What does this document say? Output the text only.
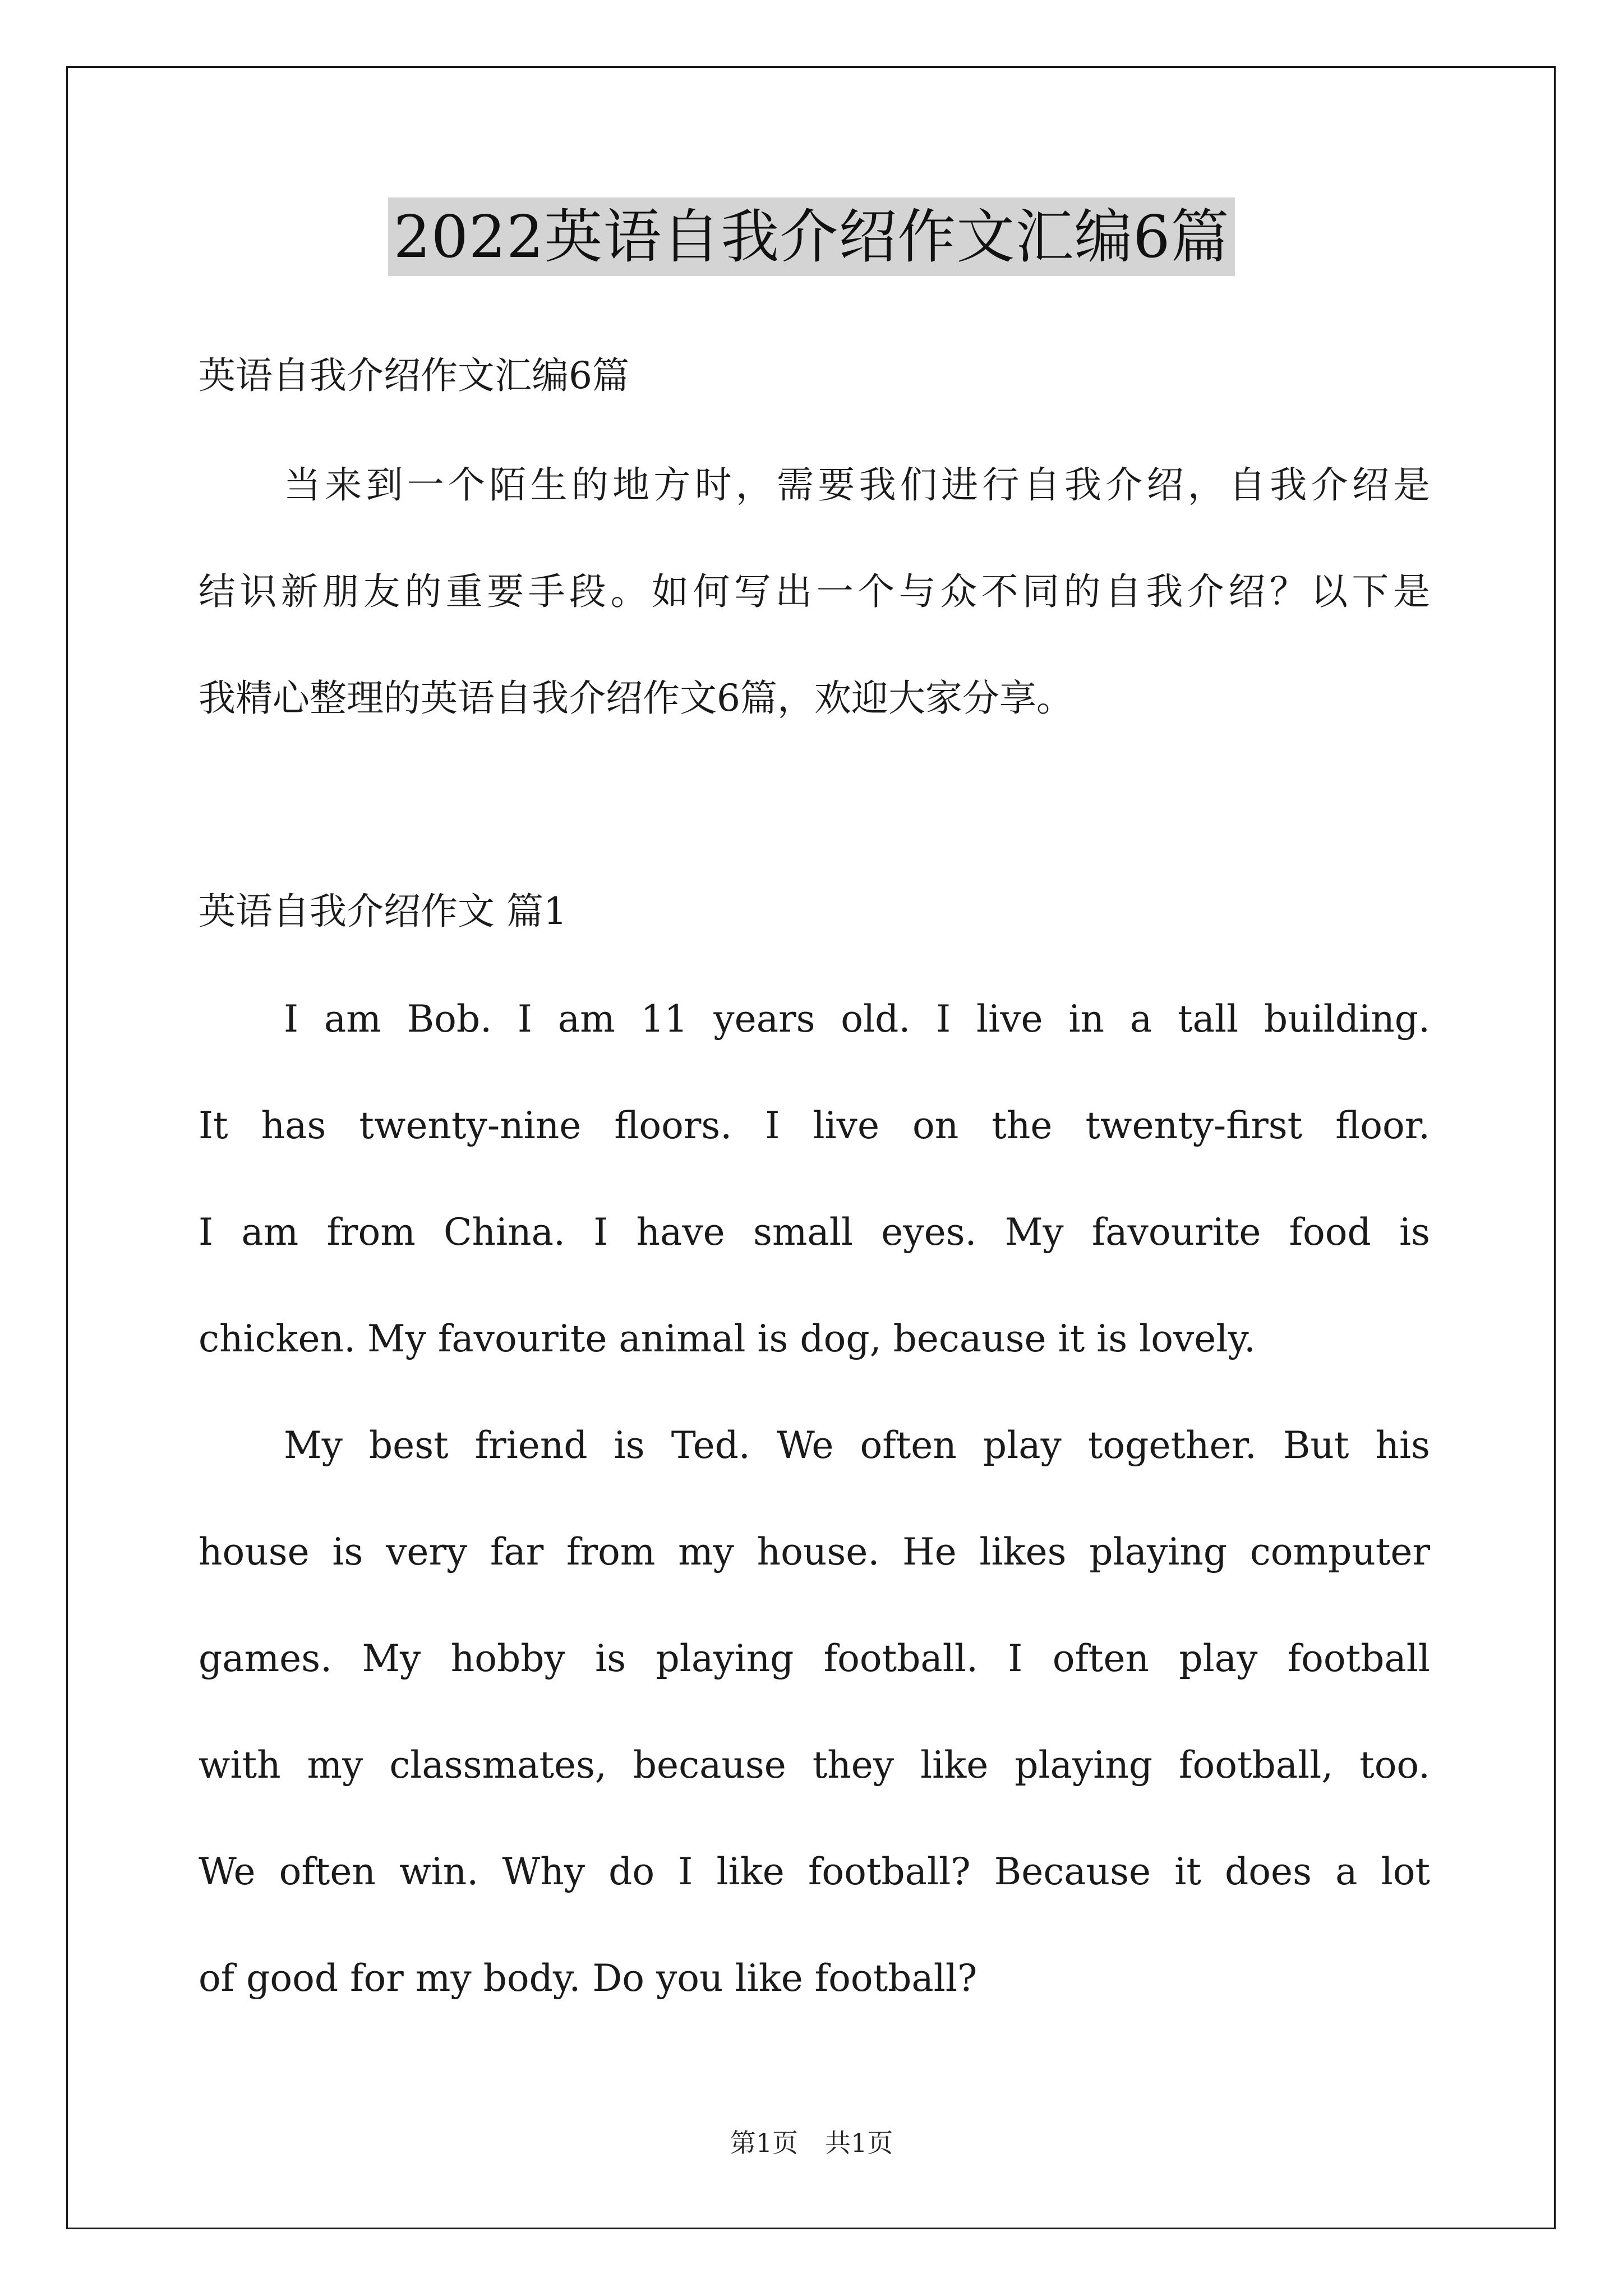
2022英语自我介绍作文汇编6篇
英语自我介绍作文汇编6篇
当来到一个陌生的地方时，需要我们进行自我介绍，自我介绍是
结识新朋友的重要手段。如何写出一个与众不同的自我介绍？以下是
我精心整理的英语自我介绍作文6篇，欢迎大家分享。
英语自我介绍作文 篇1
I am Bob. I am 11 years old. I live in a tall building.
It has twenty-nine floors. I live on the twenty-first floor.
I am from China. I have small eyes. My favourite food is
chicken. My favourite animal is dog, because it is lovely.
My best friend is Ted. We often play together. But his
house is very far from my house. He likes playing computer
games. My hobby is playing football. I often play football
with my classmates, because they like playing football, too.
We often win. Why do I like football? Because it does a lot
of good for my body. Do you like football?
第1页 共1页
